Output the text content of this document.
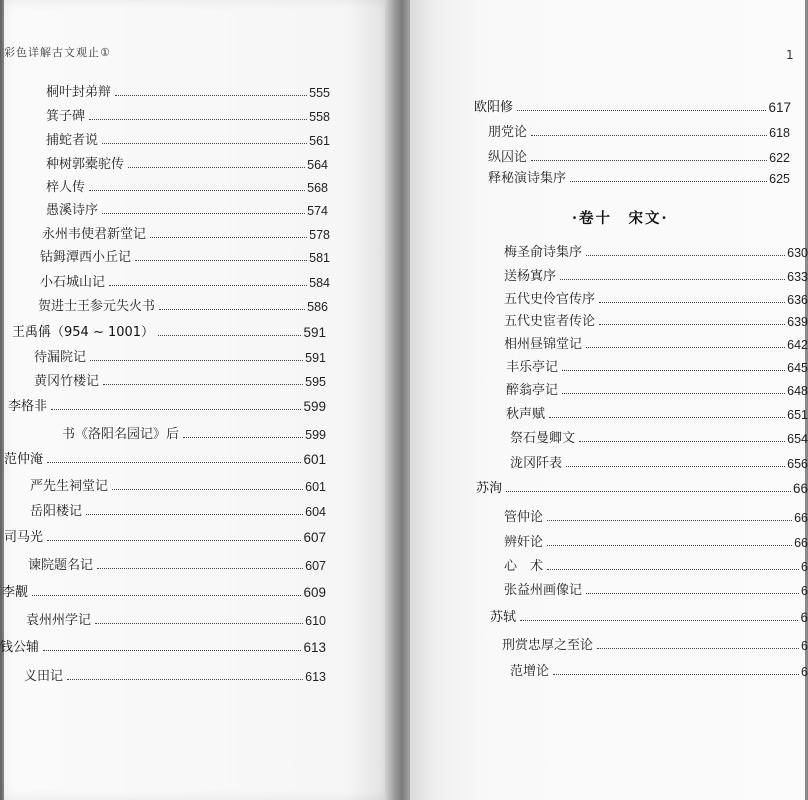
彩色详解古文观止①
桐叶封弟辩	555
箕子碑	558
捕蛇者说	561
种树郭橐驼传	564
梓人传	568
愚溪诗序	574
永州韦使君新堂记	578
钴鉧潭西小丘记	581
小石城山记	584
贺进士王参元失火书	586
王禹偁（954 ~ 1001）	591
待漏院记	591
黄冈竹楼记	595
李格非	599
书《洛阳名园记》后	599
范仲淹	601
严先生祠堂记	601
岳阳楼记	604
司马光	607
谏院题名记	607
李觏	609
袁州州学记	610
钱公辅	613
义田记	613
欧阳修	617
朋党论	618
纵囚论	622
释秘演诗集序	625
梅圣俞诗集序	630
送杨寘序	633
五代史伶官传序	636
五代史宦者传论	639
相州昼锦堂记	642
丰乐亭记	645
醉翁亭记	648
秋声赋	651
祭石曼卿文	654
泷冈阡表	656
苏洵	66
管仲论	66
辨奸论	66
心　术	6
张益州画像记	6
苏轼	6
刑赏忠厚之至论	6
范增论	6
·卷十　宋文·
1
